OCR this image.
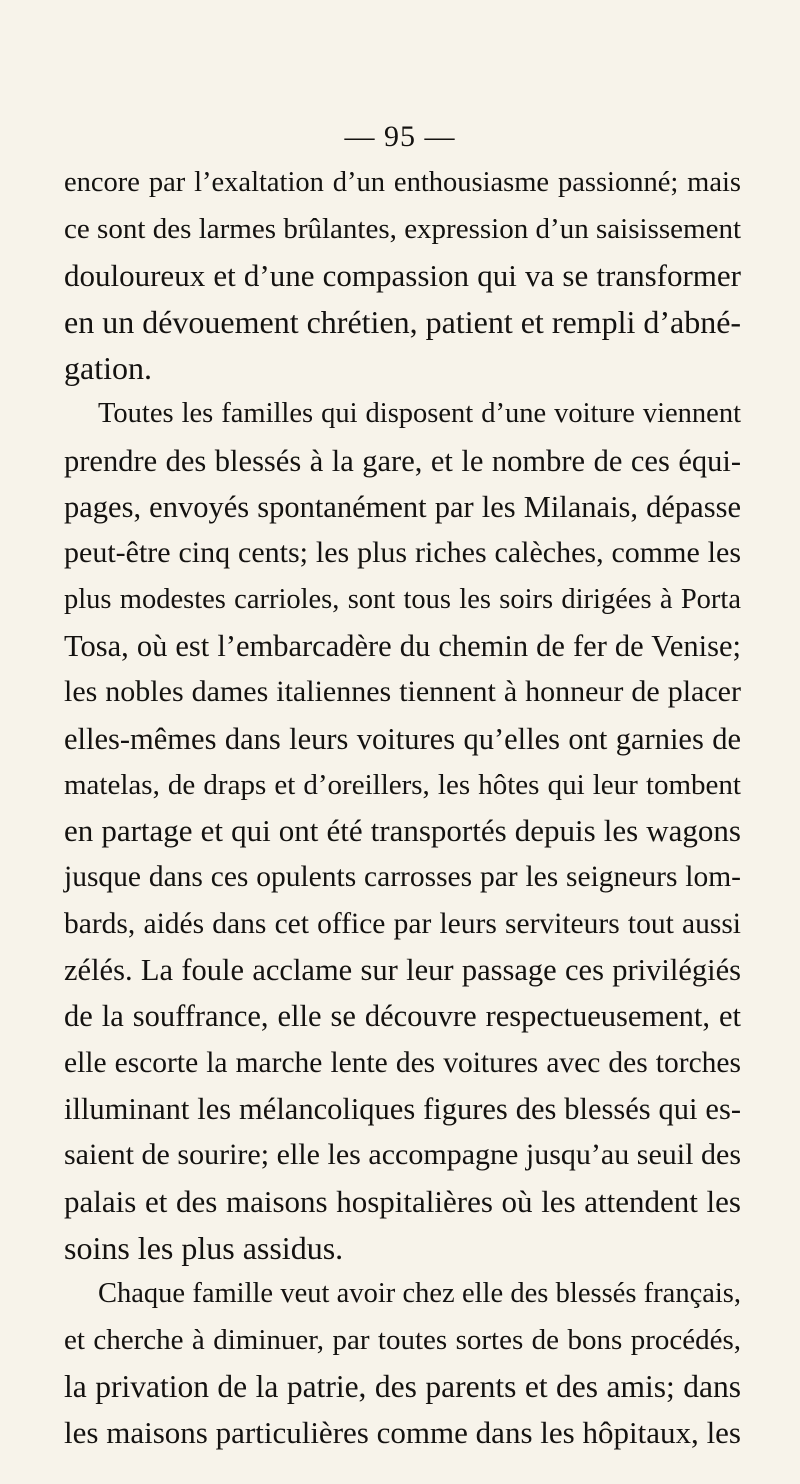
— 95 —
encore par l’exaltation d’un enthousiasme passionné; mais
ce sont des larmes brûlantes, expression d’un saisissement
douloureux et d’une compassion qui va se transformer
en un dévouement chrétien, patient et rempli d’abné-
gation.
Toutes les familles qui disposent d’une voiture viennent
prendre des blessés à la gare, et le nombre de ces équi-
pages, envoyés spontanément par les Milanais, dépasse
peut-être cinq cents; les plus riches calèches, comme les
plus modestes carrioles, sont tous les soirs dirigées à Porta
Tosa, où est l’embarcadère du chemin de fer de Venise;
les nobles dames italiennes tiennent à honneur de placer
elles-mêmes dans leurs voitures qu’elles ont garnies de
matelas, de draps et d’oreillers, les hôtes qui leur tombent
en partage et qui ont été transportés depuis les wagons
jusque dans ces opulents carrosses par les seigneurs lom-
bards, aidés dans cet office par leurs serviteurs tout aussi
zélés. La foule acclame sur leur passage ces privilégiés
de la souffrance, elle se découvre respectueusement, et
elle escorte la marche lente des voitures avec des torches
illuminant les mélancoliques figures des blessés qui es-
saient de sourire; elle les accompagne jusqu’au seuil des
palais et des maisons hospitalières où les attendent les
soins les plus assidus.
Chaque famille veut avoir chez elle des blessés français,
et cherche à diminuer, par toutes sortes de bons procédés,
la privation de la patrie, des parents et des amis; dans
les maisons particulières comme dans les hôpitaux, les
